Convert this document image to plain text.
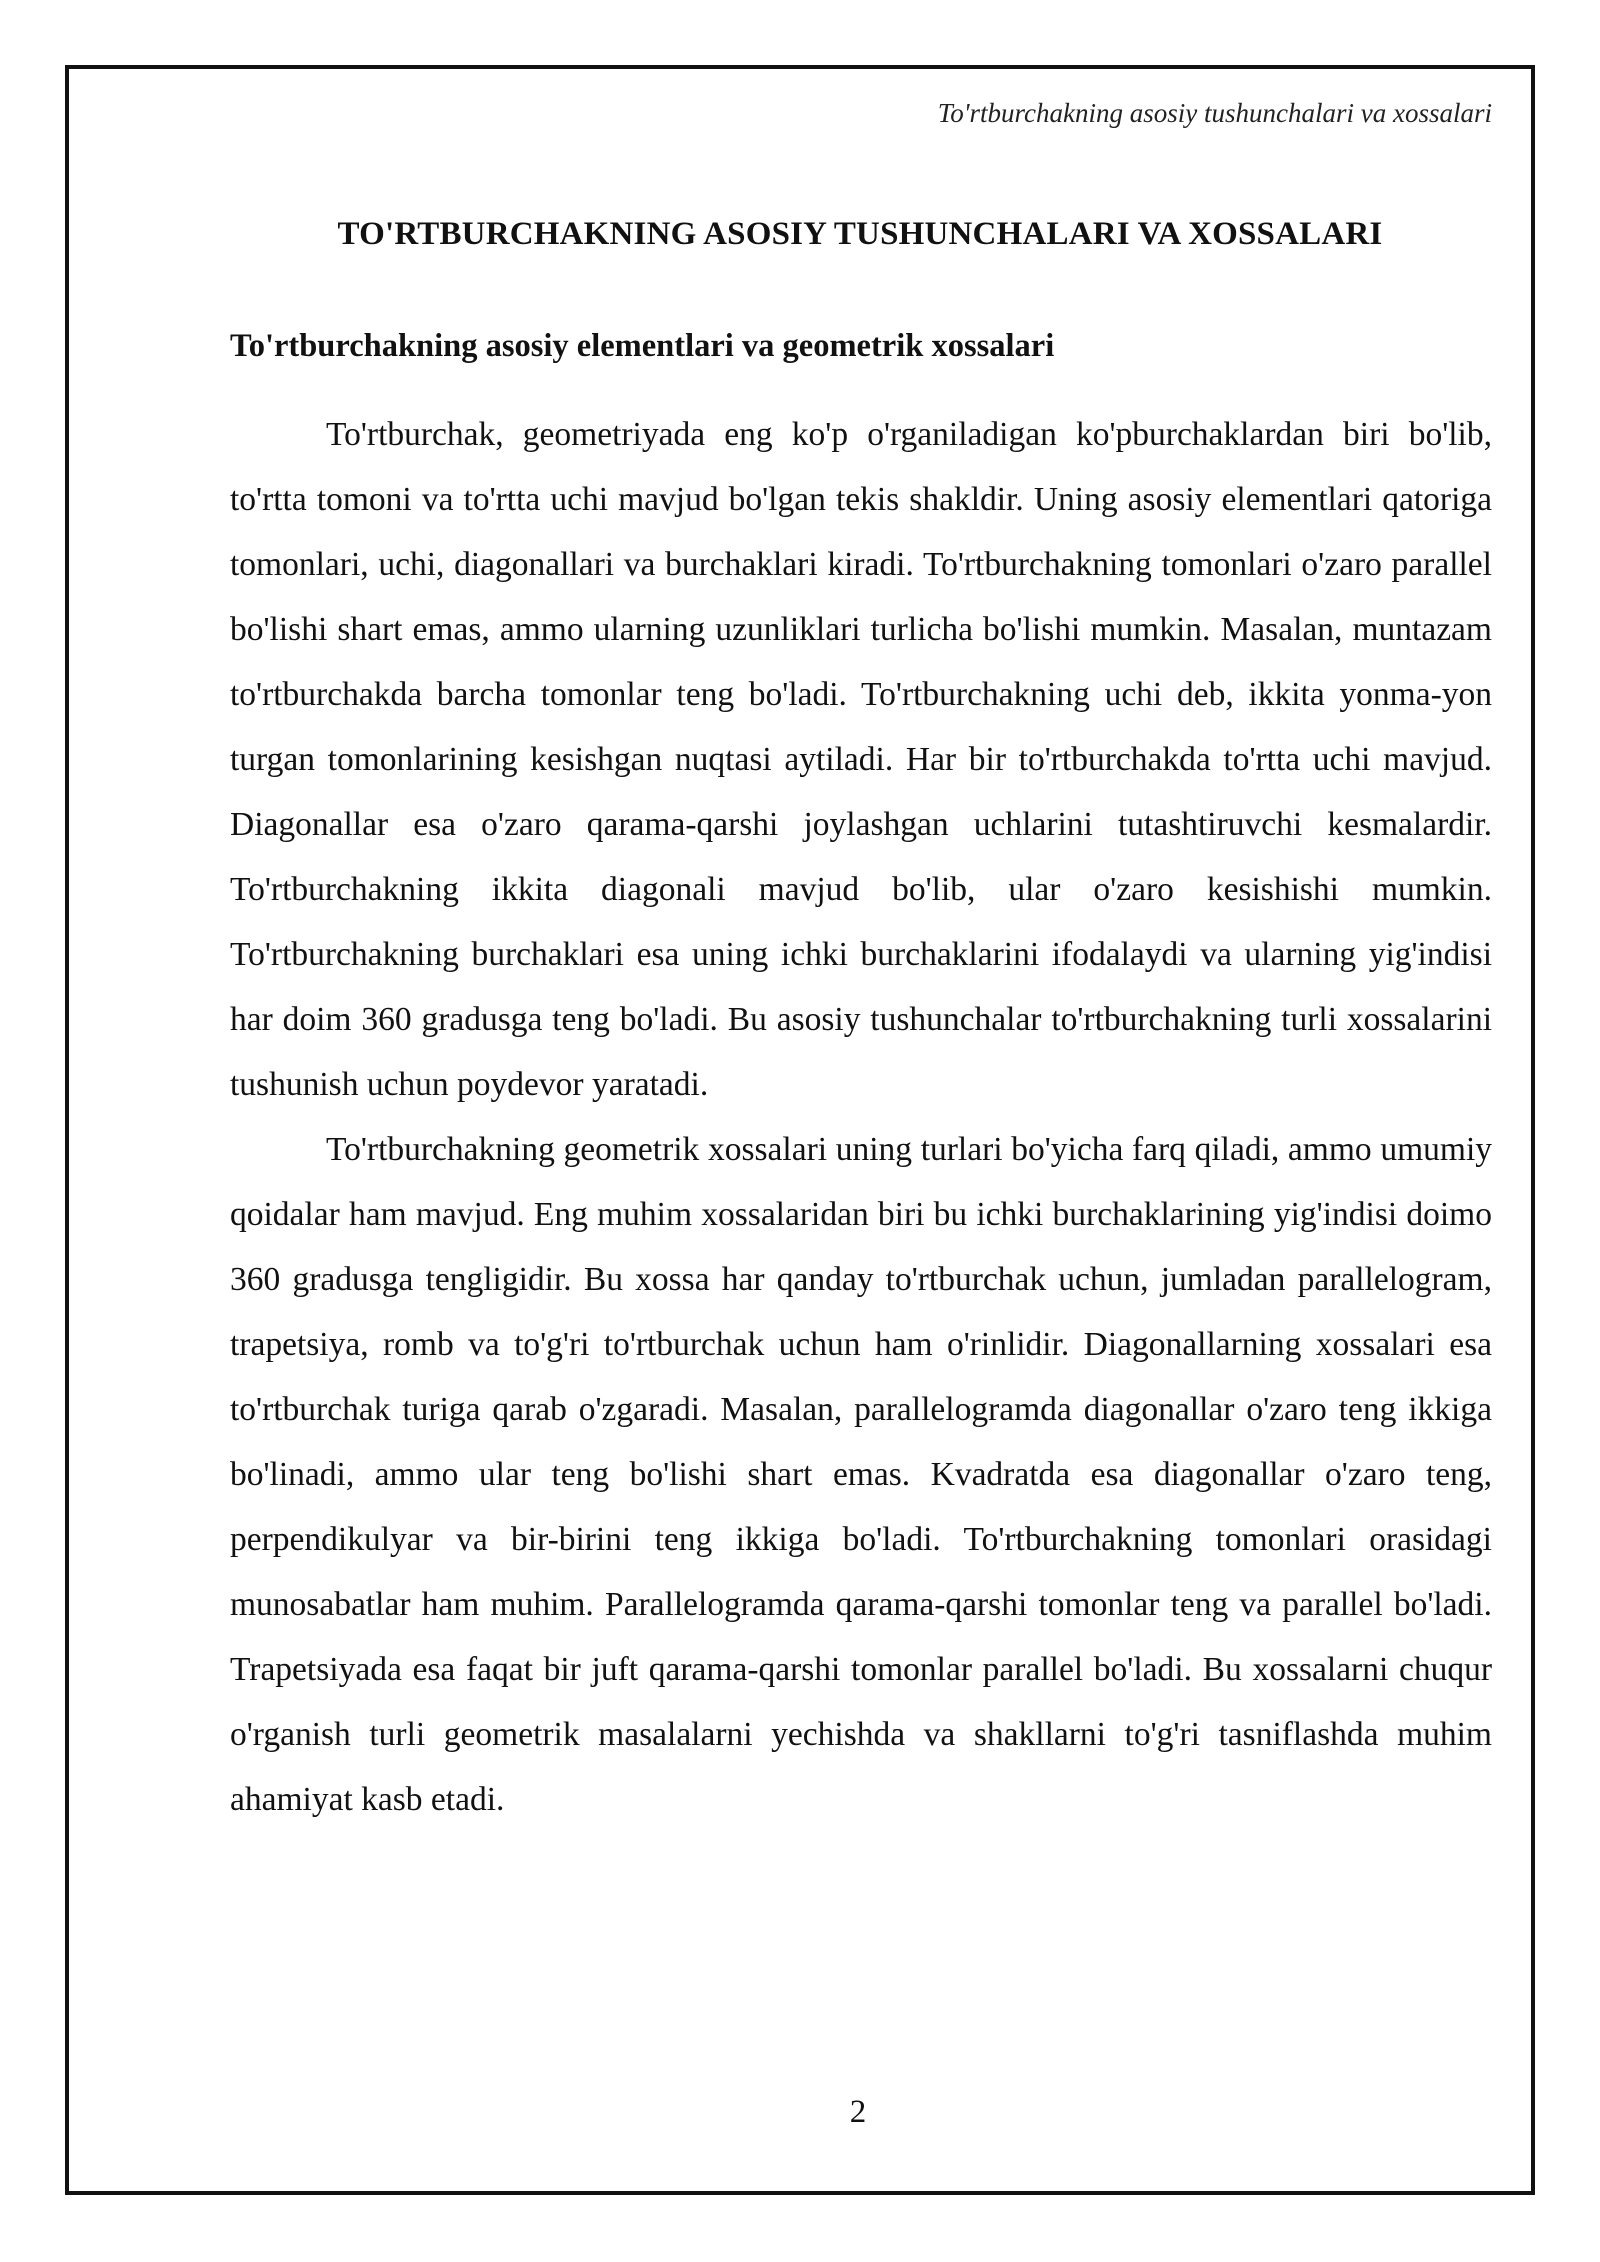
To'rtburchakning asosiy tushunchalari va xossalari
TO'RTBURCHAKNING ASOSIY TUSHUNCHALARI VA XOSSALARI
To'rtburchakning asosiy elementlari va geometrik xossalari

To'rtburchak, geometriyada eng ko'p o'rganiladigan ko'pburchaklardan biri bo'lib, to'rtta tomoni va to'rtta uchi mavjud bo'lgan tekis shakldir. Uning asosiy elementlari qatoriga tomonlari, uchi, diagonallari va burchaklari kiradi. To'rtburchakning tomonlari o'zaro parallel bo'lishi shart emas, ammo ularning uzunliklari turlicha bo'lishi mumkin. Masalan, muntazam to'rtburchakda barcha tomonlar teng bo'ladi. To'rtburchakning uchi deb, ikkita yonma-yon turgan tomonlarining kesishgan nuqtasi aytiladi. Har bir to'rtburchakda to'rtta uchi mavjud. Diagonallar esa o'zaro qarama-qarshi joylashgan uchlarini tutashtiruvchi kesmalardir. To'rtburchakning ikkita diagonali mavjud bo'lib, ular o'zaro kesishishi mumkin. To'rtburchakning burchaklari esa uning ichki burchaklarini ifodalaydi va ularning yig'indisi har doim 360 gradusga teng bo'ladi. Bu asosiy tushunchalar to'rtburchakning turli xossalarini tushunish uchun poydevor yaratadi.

To'rtburchakning geometrik xossalari uning turlari bo'yicha farq qiladi, ammo umumiy qoidalar ham mavjud. Eng muhim xossalaridan biri bu ichki burchaklarining yig'indisi doimo 360 gradusga tengligidir. Bu xossa har qanday to'rtburchak uchun, jumladan parallelogram, trapetsiya, romb va to'g'ri to'rtburchak uchun ham o'rinlidir. Diagonallarning xossalari esa to'rtburchak turiga qarab o'zgaradi. Masalan, parallelogramda diagonallar o'zaro teng ikkiga bo'linadi, ammo ular teng bo'lishi shart emas. Kvadratda esa diagonallar o'zaro teng, perpendikulyar va bir-birini teng ikkiga bo'ladi. To'rtburchakning tomonlari orasidagi munosabatlar ham muhim. Parallelogramda qarama-qarshi tomonlar teng va parallel bo'ladi. Trapetsiyada esa faqat bir juft qarama-qarshi tomonlar parallel bo'ladi. Bu xossalarni chuqur o'rganish turli geometrik masalalarni yechishda va shakllarni to'g'ri tasniflashda muhim ahamiyat kasb etadi.

2
